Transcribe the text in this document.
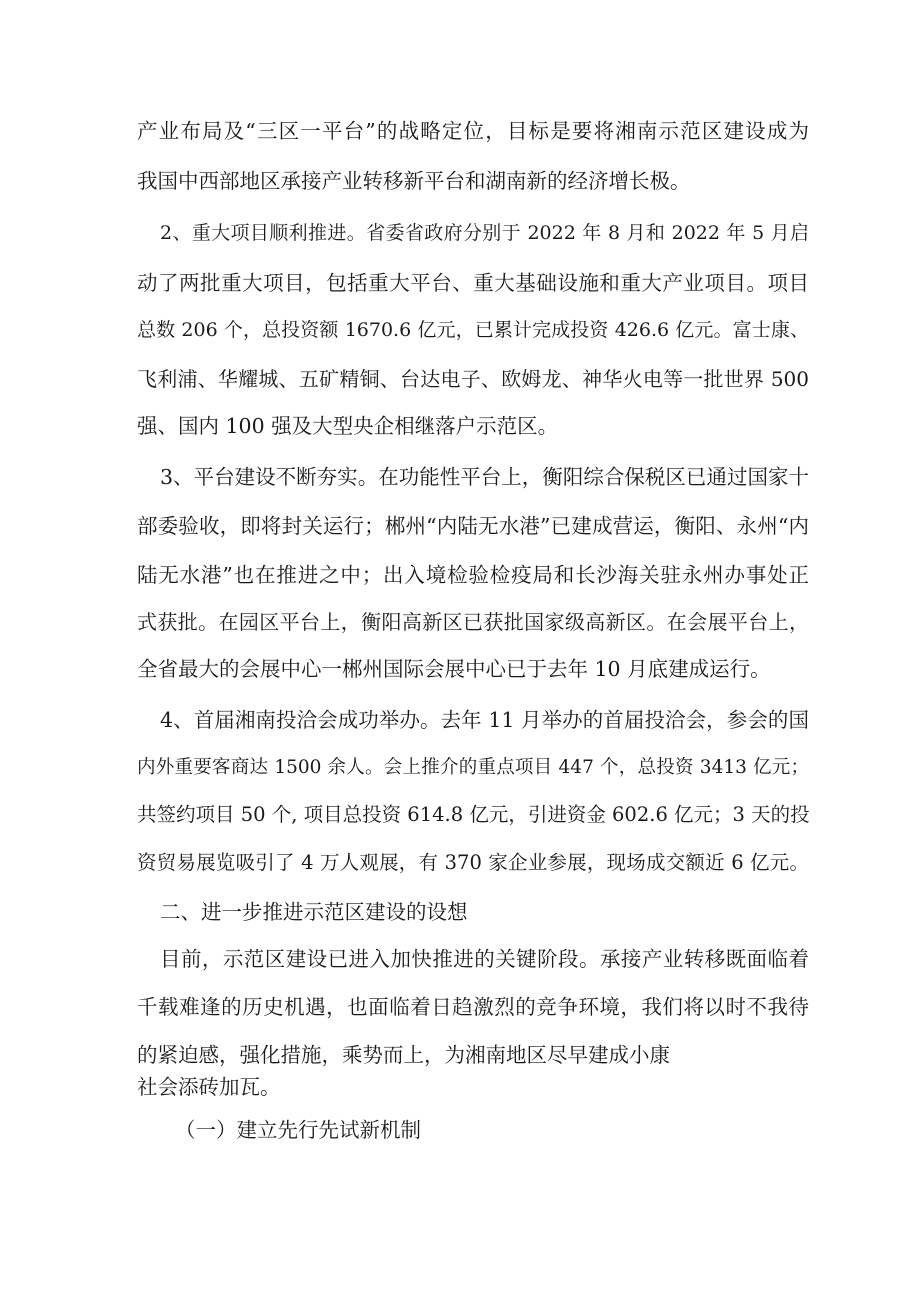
产业布局及“三区一平台”的战略定位，目标是要将湘南示范区建设成为
我国中西部地区承接产业转移新平台和湖南新的经济增长极。
2、重大项目顺利推进。省委省政府分别于 2022 年 8 月和 2022 年 5 月启
动了两批重大项目，包括重大平台、重大基础设施和重大产业项目。项目
总数 206 个，总投资额 1670.6 亿元，已累计完成投资 426.6 亿元。富士康、
飞利浦、华耀城、五矿精铜、台达电子、欧姆龙、神华火电等一批世界 500
强、国内 100 强及大型央企相继落户示范区。
3、平台建设不断夯实。在功能性平台上，衡阳综合保税区已通过国家十
部委验收，即将封关运行；郴州“内陆无水港”已建成营运，衡阳、永州“内
陆无水港”也在推进之中；出入境检验检疫局和长沙海关驻永州办事处正
式获批。在园区平台上，衡阳高新区已获批国家级高新区。在会展平台上，
全省最大的会展中心一郴州国际会展中心已于去年 10 月底建成运行。
4、首届湘南投洽会成功举办。去年 11 月举办的首届投洽会，参会的国
内外重要客商达 1500 余人。会上推介的重点项目 447 个，总投资 3413 亿元；
共签约项目 50 个, 项目总投资 614.8 亿元，引进资金 602.6 亿元；3 天的投
资贸易展览吸引了 4 万人观展，有 370 家企业参展，现场成交额近 6 亿元。
二、进一步推进示范区建设的设想
目前，示范区建设已进入加快推进的关键阶段。承接产业转移既面临着
千载难逢的历史机遇，也面临着日趋激烈的竞争环境，我们将以时不我待
的紧迫感，强化措施，乘势而上，为湘南地区尽早建成小康
社会添砖加瓦。
（一）建立先行先试新机制
